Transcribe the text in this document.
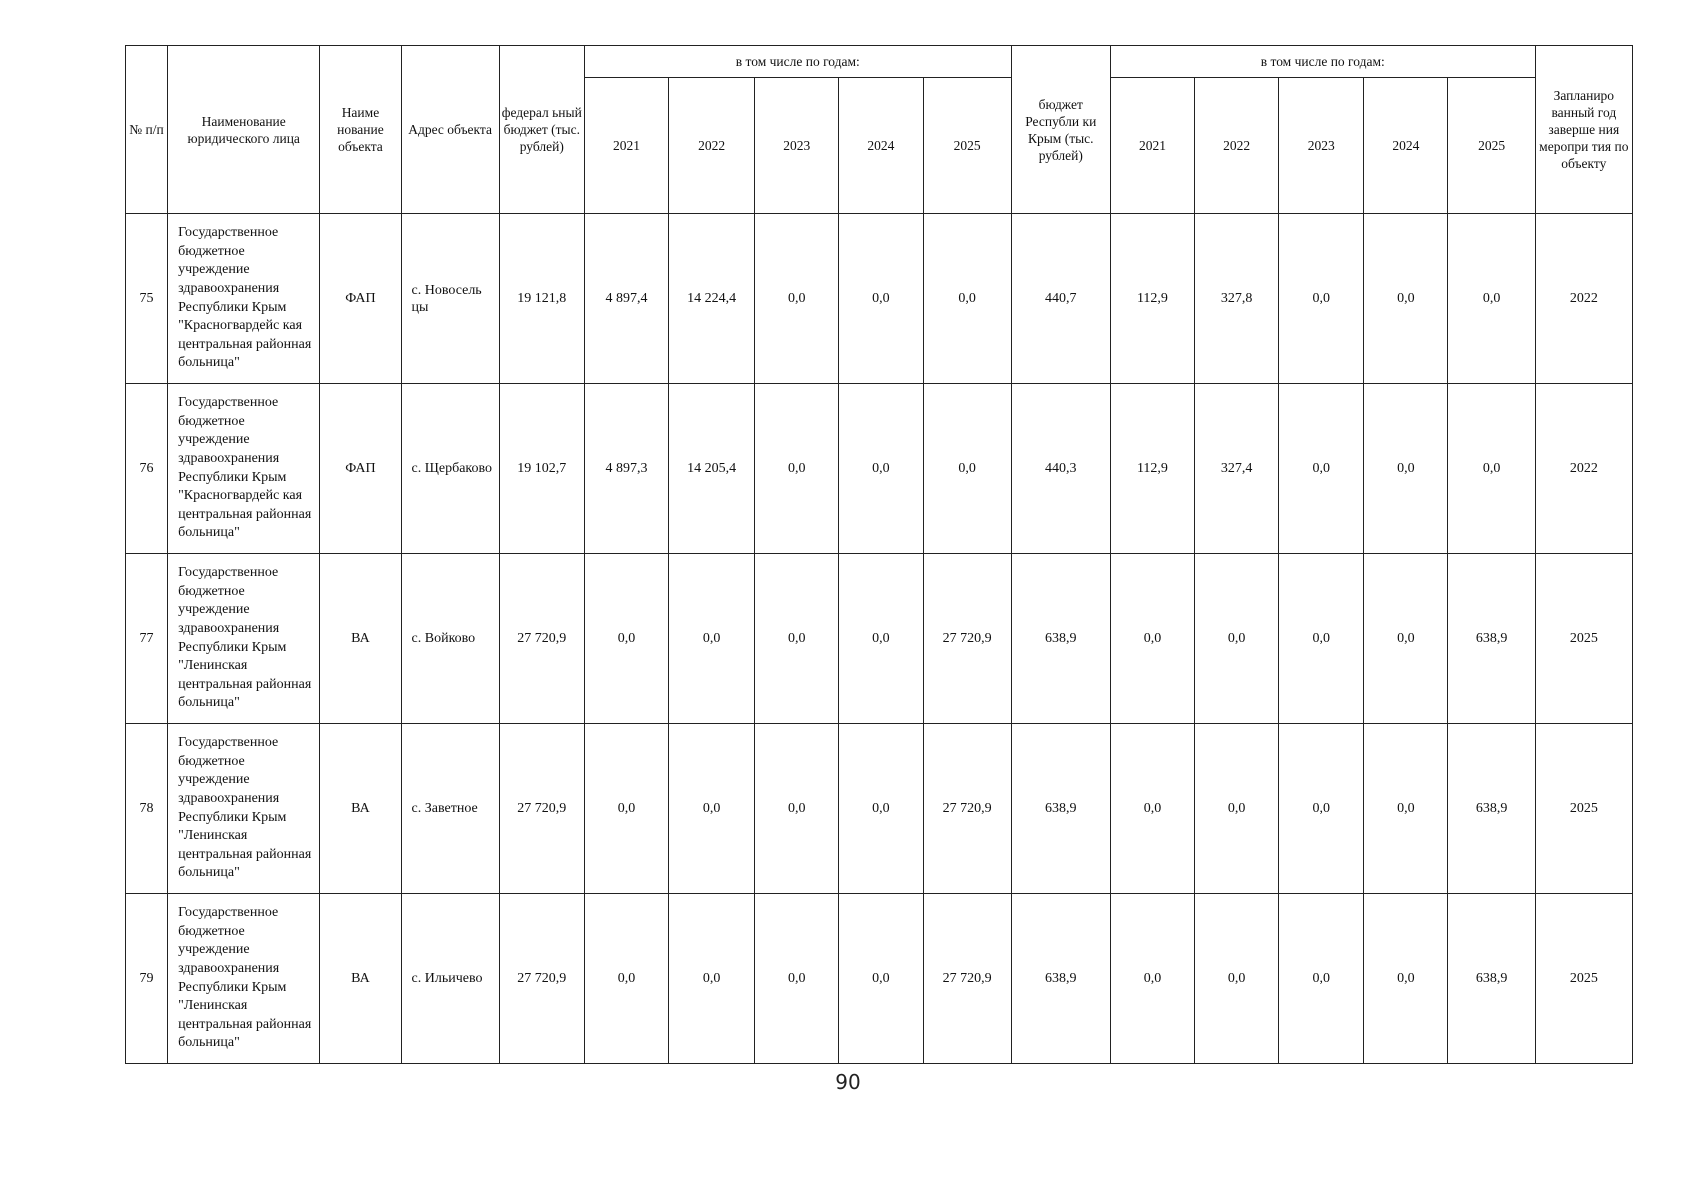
№ п/п	Наименование юридического лица	Наиме нование объекта	Адрес объекта	федерал ьный бюджет (тыс. рублей)	в том числе по годам:					бюджет Республи ки Крым (тыс. рублей)	в том числе по годам:					Запланиро ванный год заверше ния меропри тия по объекту
					2021	2022	2023	2024	2025		2021	2022	2023	2024	2025	
75	Государственное бюджетное учреждение здравоохранения Республики Крым "Красногвардейс кая центральная районная больница"	ФАП	с. Новосель цы	19 121,8	4 897,4	14 224,4	0,0	0,0	0,0	440,7	112,9	327,8	0,0	0,0	0,0	2022
76	Государственное бюджетное учреждение здравоохранения Республики Крым "Красногвардейс кая центральная районная больница"	ФАП	с. Щербаково	19 102,7	4 897,3	14 205,4	0,0	0,0	0,0	440,3	112,9	327,4	0,0	0,0	0,0	2022
77	Государственное бюджетное учреждение здравоохранения Республики Крым "Ленинская центральная районная больница"	ВА	с. Войково	27 720,9	0,0	0,0	0,0	0,0	27 720,9	638,9	0,0	0,0	0,0	0,0	638,9	2025
78	Государственное бюджетное учреждение здравоохранения Республики Крым "Ленинская центральная районная больница"	ВА	с. Заветное	27 720,9	0,0	0,0	0,0	0,0	27 720,9	638,9	0,0	0,0	0,0	0,0	638,9	2025
79	Государственное бюджетное учреждение здравоохранения Республики Крым "Ленинская центральная районная больница"	ВА	с. Ильичево	27 720,9	0,0	0,0	0,0	0,0	27 720,9	638,9	0,0	0,0	0,0	0,0	638,9	2025
90
